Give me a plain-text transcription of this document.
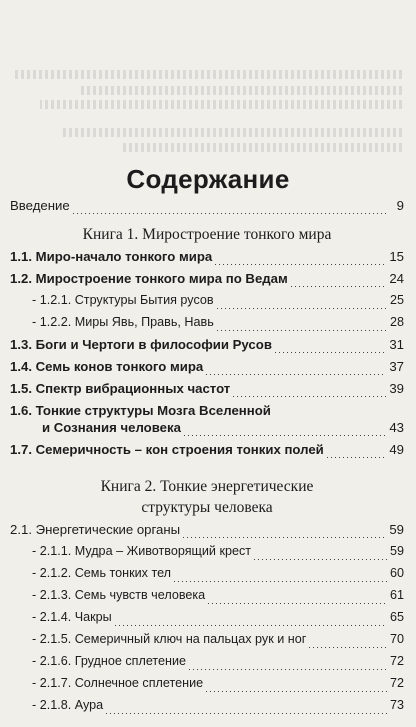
Содержание
Введение	9
Книга 1. Миростроение тонкого мира
1.1. Миро-начало тонкого мира	15
1.2. Миростроение тонкого мира по Ведам	24
- 1.2.1. Структуры Бытия русов	25
- 1.2.2. Миры Явь, Правь, Навь	28
1.3. Боги и Чертоги в философии Русов	31
1.4. Семь конов тонкого мира	37
1.5. Спектр вибрационных частот	39
1.6. Тонкие структуры Мозга Вселенной
и Сознания человека	43
1.7. Семеричность – кон строения тонких полей	49
Книга 2. Тонкие энергетические
структуры человека
2.1. Энергетические органы	59
- 2.1.1. Мудра – Животворящий крест	59
- 2.1.2. Семь тонких тел	60
- 2.1.3. Семь чувств человека	61
- 2.1.4. Чакры	65
- 2.1.5. Семеричный ключ на пальцах рук и ног	70
- 2.1.6. Грудное сплетение	72
- 2.1.7. Солнечное сплетение	72
- 2.1.8. Аура	73
